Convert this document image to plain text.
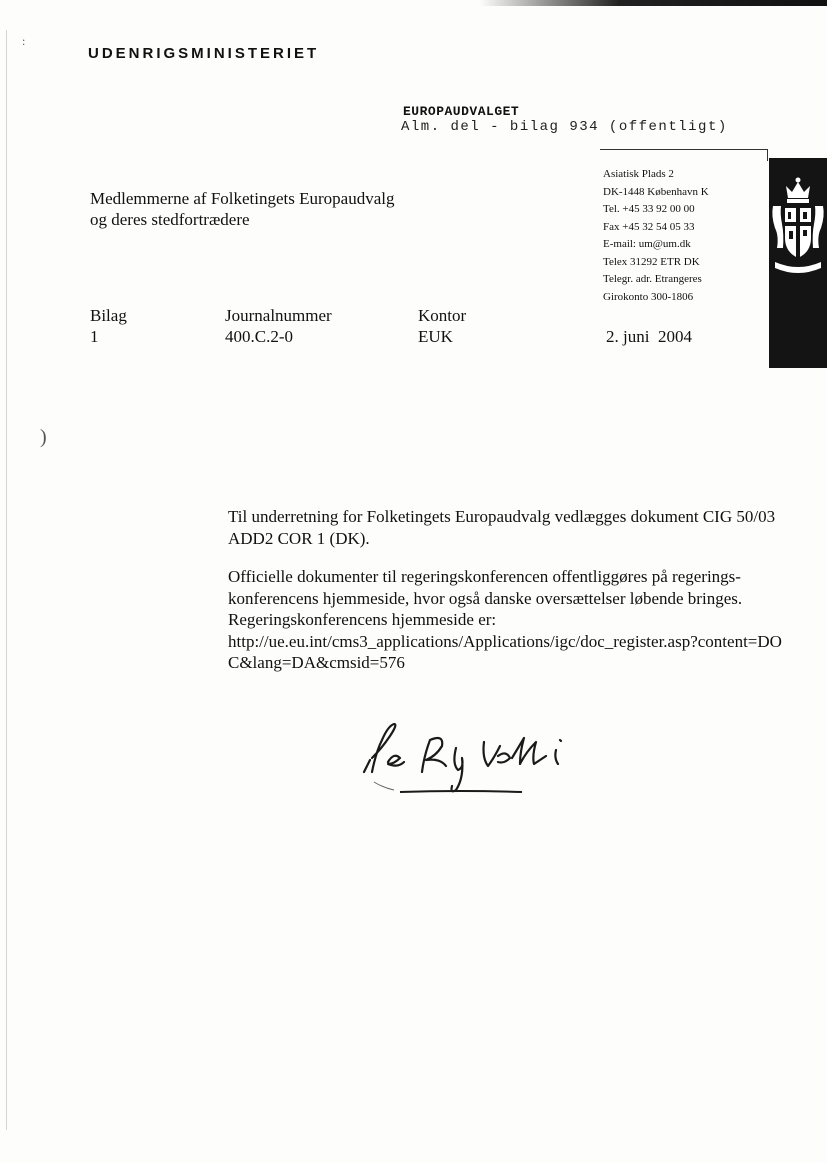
UDENRIGSMINISTERIET
EUROPAUDVALGET
Alm. del - bilag 934 (offentligt)
Asiatisk Plads 2
DK-1448 København K
Tel. +45 33 92 00 00
Fax +45 32 54 05 33
E-mail: um@um.dk
Telex 31292 ETR DK
Telegr. adr. Etrangeres
Girokonto 300-1806
Medlemmerne af Folketingets Europaudvalg
og deres stedfortrædere
Bilag
1
Journalnummer
400.C.2-0
Kontor
EUK	2. juni  2004

Til underretning for Folketingets Europaudvalg vedlægges dokument CIG 50/03 ADD2 COR 1 (DK).

Officielle dokumenter til regeringskonferencen offentliggøres på regerings-
konferencens hjemmeside, hvor også danske oversættelser løbende bringes.
Regeringskonferencens hjemmeside er:
http://ue.eu.int/cms3_applications/Applications/igc/doc_register.asp?content=DOC&lang=DA&cmsid=576
:
)
